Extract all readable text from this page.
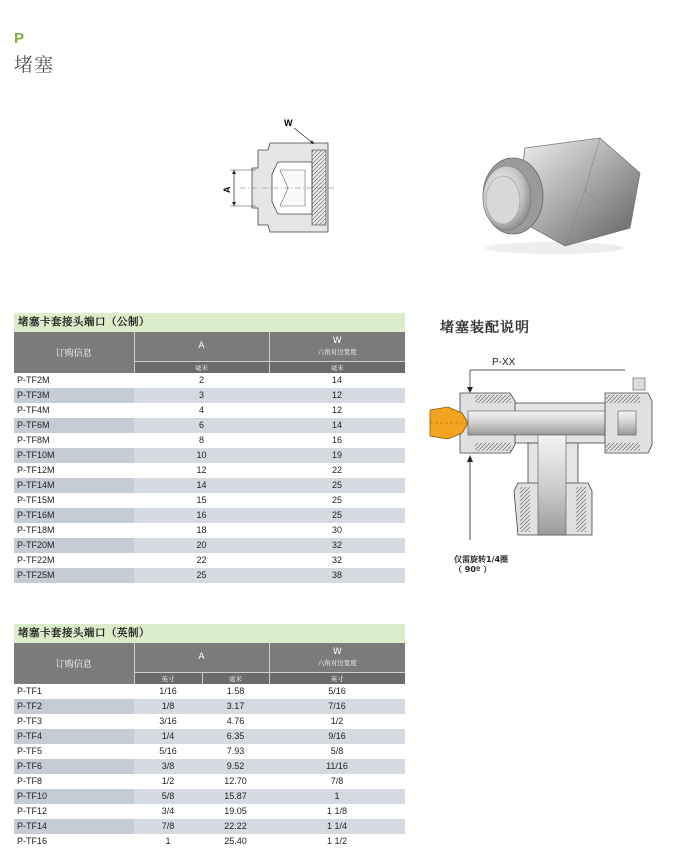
P
堵塞
A
W
堵塞卡套接头端口（公制）
订购信息	A	W
六角对边宽度

	毫米	毫米
P-TF2M	2	14
P-TF3M	3	12
P-TF4M	4	12
P-TF6M	6	14
P-TF8M	8	16
P-TF10M	10	19
P-TF12M	12	22
P-TF14M	14	25
P-TF15M	15	25
P-TF16M	16	25
P-TF18M	18	30
P-TF20M	20	32
P-TF22M	22	32
P-TF25M	25	38
堵塞卡套接头端口（英制）
订购信息	A		W
六角对边宽度

	英寸	毫米	英寸
P-TF1	1/16	1.58	5/16
P-TF2	1/8	3.17	7/16
P-TF3	3/16	4.76	1/2
P-TF4	1/4	6.35	9/16
P-TF5	5/16	7.93	5/8
P-TF6	3/8	9.52	11/16
P-TF8	1/2	12.70	7/8
P-TF10	5/8	15.87	1
P-TF12	3/4	19.05	1 1/8
P-TF14	7/8	22.22	1 1/4
P-TF16	1	25.40	1 1/2
堵塞装配说明
P-XX
仅需旋转1/4圈
（ 90º ）
